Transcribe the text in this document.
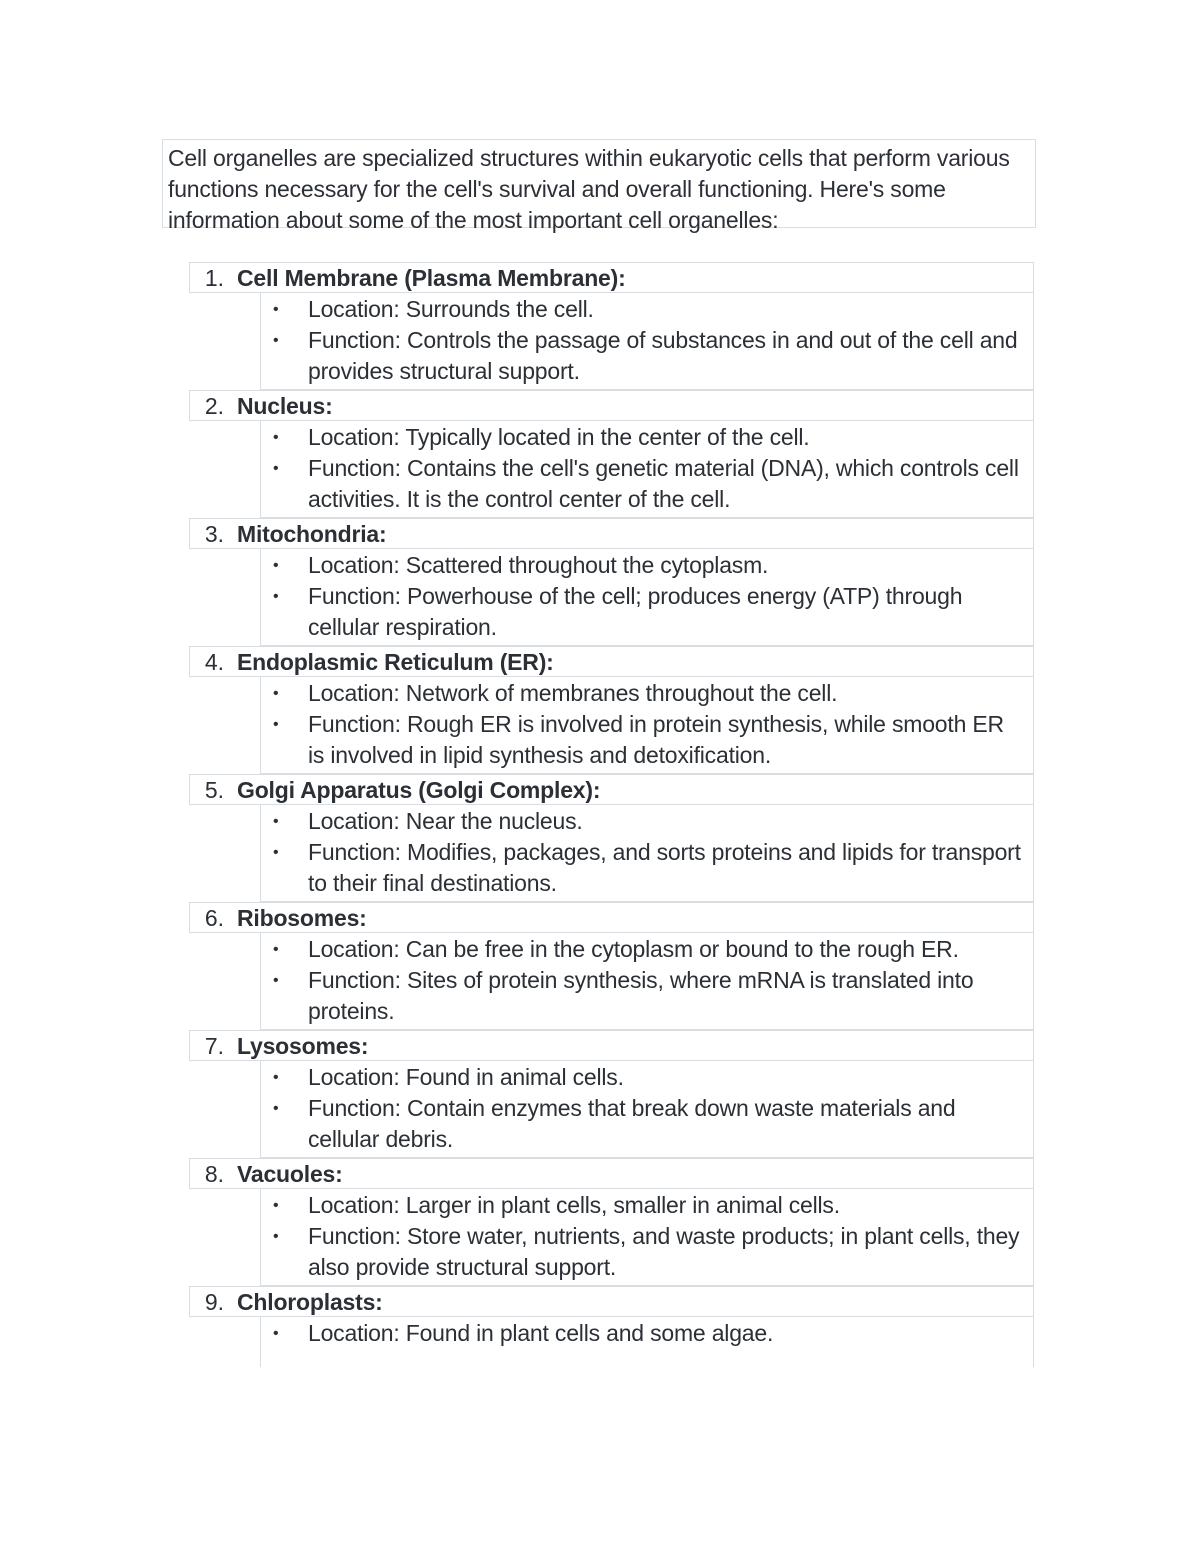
Cell organelles are specialized structures within eukaryotic cells that perform various functions necessary for the cell's survival and overall functioning. Here's some information about some of the most important cell organelles:
1. Cell Membrane (Plasma Membrane):
• Location: Surrounds the cell.
• Function: Controls the passage of substances in and out of the cell and provides structural support.
2. Nucleus:
• Location: Typically located in the center of the cell.
• Function: Contains the cell's genetic material (DNA), which controls cell activities. It is the control center of the cell.
3. Mitochondria:
• Location: Scattered throughout the cytoplasm.
• Function: Powerhouse of the cell; produces energy (ATP) through cellular respiration.
4. Endoplasmic Reticulum (ER):
• Location: Network of membranes throughout the cell.
• Function: Rough ER is involved in protein synthesis, while smooth ER is involved in lipid synthesis and detoxification.
5. Golgi Apparatus (Golgi Complex):
• Location: Near the nucleus.
• Function: Modifies, packages, and sorts proteins and lipids for transport to their final destinations.
6. Ribosomes:
• Location: Can be free in the cytoplasm or bound to the rough ER.
• Function: Sites of protein synthesis, where mRNA is translated into proteins.
7. Lysosomes:
• Location: Found in animal cells.
• Function: Contain enzymes that break down waste materials and cellular debris.
8. Vacuoles:
• Location: Larger in plant cells, smaller in animal cells.
• Function: Store water, nutrients, and waste products; in plant cells, they also provide structural support.
9. Chloroplasts:
• Location: Found in plant cells and some algae.
